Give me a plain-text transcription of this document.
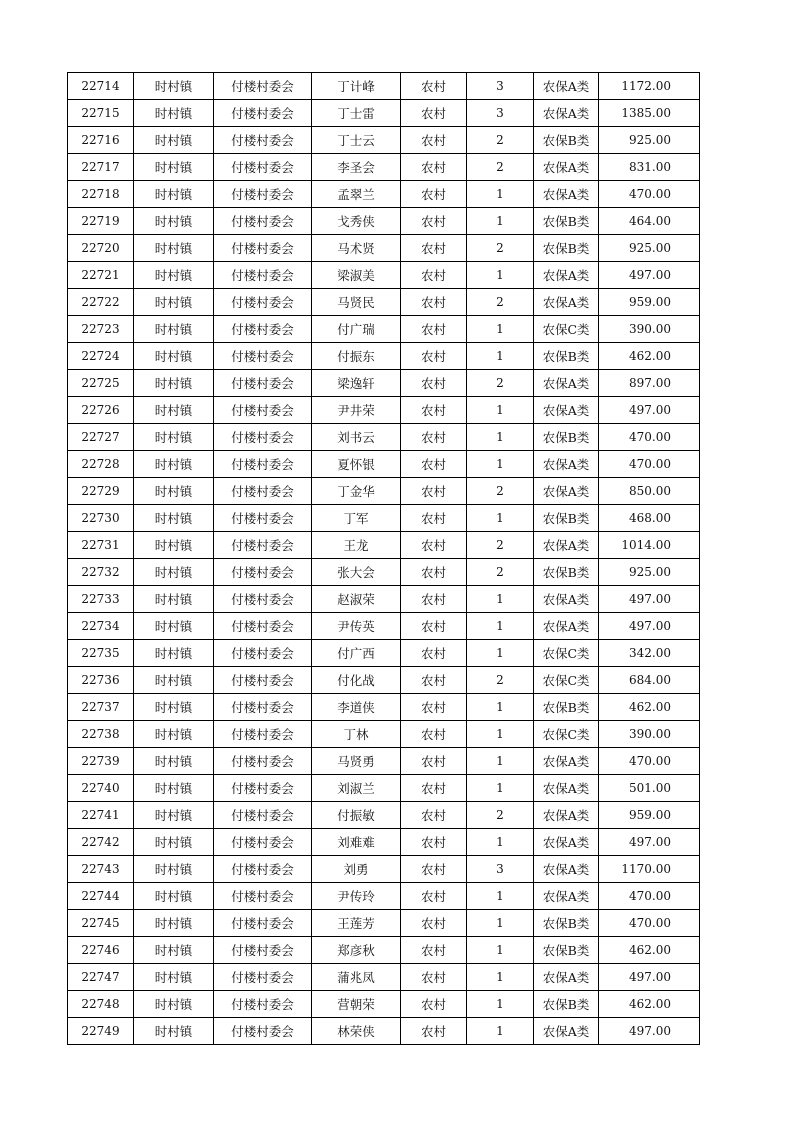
22714	时村镇	付楼村委会	丁计峰	农村	3	农保A类	1172.00
22715	时村镇	付楼村委会	丁士雷	农村	3	农保A类	1385.00
22716	时村镇	付楼村委会	丁士云	农村	2	农保B类	925.00
22717	时村镇	付楼村委会	李圣会	农村	2	农保A类	831.00
22718	时村镇	付楼村委会	孟翠兰	农村	1	农保A类	470.00
22719	时村镇	付楼村委会	戈秀侠	农村	1	农保B类	464.00
22720	时村镇	付楼村委会	马术贤	农村	2	农保B类	925.00
22721	时村镇	付楼村委会	梁淑美	农村	1	农保A类	497.00
22722	时村镇	付楼村委会	马贤民	农村	2	农保A类	959.00
22723	时村镇	付楼村委会	付广瑞	农村	1	农保C类	390.00
22724	时村镇	付楼村委会	付振东	农村	1	农保B类	462.00
22725	时村镇	付楼村委会	梁逸轩	农村	2	农保A类	897.00
22726	时村镇	付楼村委会	尹井荣	农村	1	农保A类	497.00
22727	时村镇	付楼村委会	刘书云	农村	1	农保B类	470.00
22728	时村镇	付楼村委会	夏怀银	农村	1	农保A类	470.00
22729	时村镇	付楼村委会	丁金华	农村	2	农保A类	850.00
22730	时村镇	付楼村委会	丁军	农村	1	农保B类	468.00
22731	时村镇	付楼村委会	王龙	农村	2	农保A类	1014.00
22732	时村镇	付楼村委会	张大会	农村	2	农保B类	925.00
22733	时村镇	付楼村委会	赵淑荣	农村	1	农保A类	497.00
22734	时村镇	付楼村委会	尹传英	农村	1	农保A类	497.00
22735	时村镇	付楼村委会	付广西	农村	1	农保C类	342.00
22736	时村镇	付楼村委会	付化战	农村	2	农保C类	684.00
22737	时村镇	付楼村委会	李道侠	农村	1	农保B类	462.00
22738	时村镇	付楼村委会	丁林	农村	1	农保C类	390.00
22739	时村镇	付楼村委会	马贤勇	农村	1	农保A类	470.00
22740	时村镇	付楼村委会	刘淑兰	农村	1	农保A类	501.00
22741	时村镇	付楼村委会	付振敏	农村	2	农保A类	959.00
22742	时村镇	付楼村委会	刘难难	农村	1	农保A类	497.00
22743	时村镇	付楼村委会	刘勇	农村	3	农保A类	1170.00
22744	时村镇	付楼村委会	尹传玲	农村	1	农保A类	470.00
22745	时村镇	付楼村委会	王莲芳	农村	1	农保B类	470.00
22746	时村镇	付楼村委会	郑彦秋	农村	1	农保B类	462.00
22747	时村镇	付楼村委会	蒲兆凤	农村	1	农保A类	497.00
22748	时村镇	付楼村委会	营朝荣	农村	1	农保B类	462.00
22749	时村镇	付楼村委会	林荣侠	农村	1	农保A类	497.00
